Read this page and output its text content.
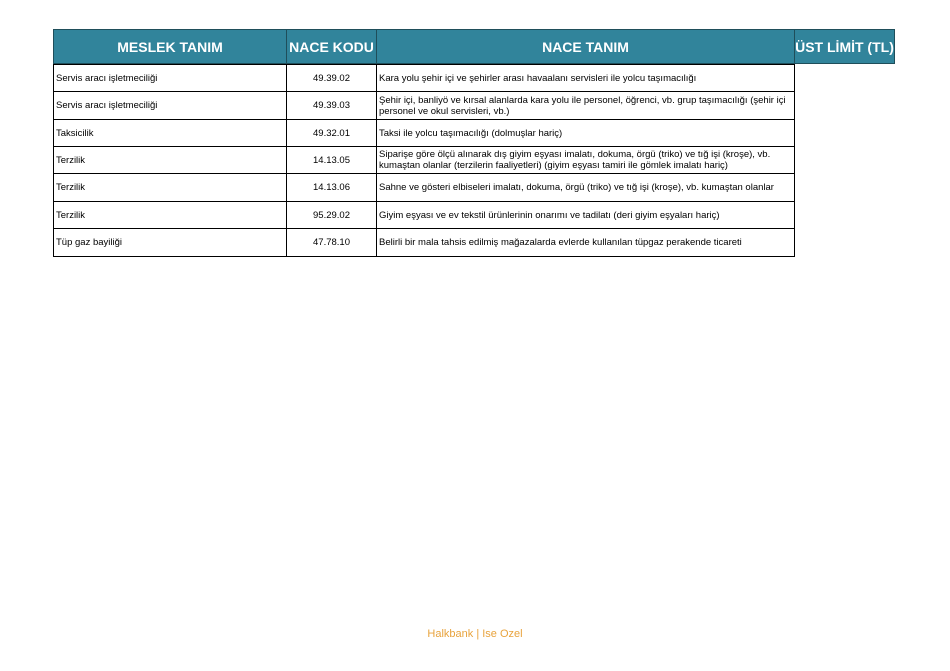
MESLEK TANIM	NACE KODU	NACE TANIM	ÜST LİMİT (TL)
Servis aracı işletmeciliği	49.39.02	Kara yolu şehir içi ve şehirler arası havaalanı servisleri ile yolcu taşımacılığı
Servis aracı işletmeciliği	49.39.03	Şehir içi, banliyö ve kırsal alanlarda kara yolu ile personel, öğrenci, vb. grup taşımacılığı (şehir içi personel ve okul servisleri, vb.)
Taksicilik	49.32.01	Taksi ile yolcu taşımacılığı (dolmuşlar hariç)
Terzilik	14.13.05	Siparişe göre ölçü alınarak dış giyim eşyası imalatı, dokuma, örgü (triko) ve tığ işi (kroşe), vb. kumaştan olanlar (terzilerin faaliyetleri) (giyim eşyası tamiri ile gömlek imalatı hariç)
Terzilik	14.13.06	Sahne ve gösteri elbiseleri imalatı, dokuma, örgü (triko) ve tığ işi (kroşe), vb. kumaştan olanlar
Terzilik	95.29.02	Giyim eşyası ve ev tekstil ürünlerinin onarımı ve tadilatı (deri giyim eşyaları hariç)
Tüp gaz bayiliği	47.78.10	Belirli bir mala tahsis edilmiş mağazalarda evlerde kullanılan tüpgaz perakende ticareti
Halkbank | Ise Ozel
